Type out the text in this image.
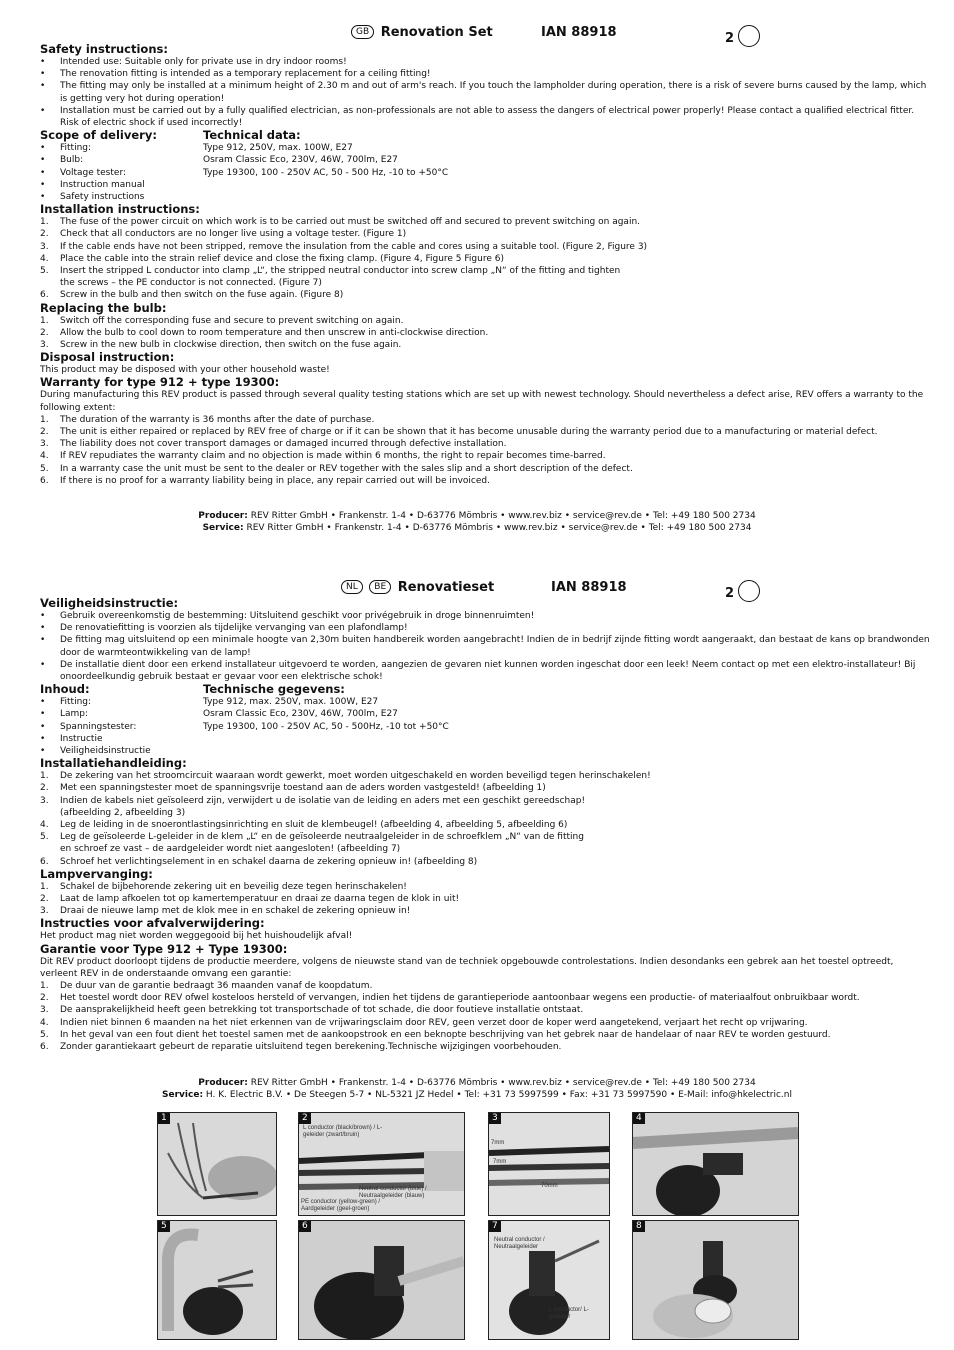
GB Renovation Set	IAN 88918	2
Safety instructions:
• Intended use: Suitable only for private use in dry indoor rooms!
• The renovation fitting is intended as a temporary replacement for a ceiling fitting!
• The fitting may only be installed at a minimum height of 2.30 m and out of arm's reach. If you touch the lampholder during operation, there is a risk of severe burns caused by the lamp, which is getting very hot during operation!
• Installation must be carried out by a fully qualified electrician, as non-professionals are not able to assess the dangers of electrical power properly! Please contact a qualified electrical fitter. Risk of electric shock if used incorrectly!
Scope of delivery:	Technical data:
• Fitting:	Type 912, 250V, max. 100W, E27
• Bulb:	Osram Classic Eco, 230V, 46W, 700lm, E27
• Voltage tester:	Type 19300, 100 - 250V AC, 50 - 500 Hz, -10 to +50°C
• Instruction manual
• Safety instructions
Installation instructions:
1. The fuse of the power circuit on which work is to be carried out must be switched off and secured to prevent switching on again.
2. Check that all conductors are no longer live using a voltage tester. (Figure 1)
3. If the cable ends have not been stripped, remove the insulation from the cable and cores using a suitable tool. (Figure 2, Figure 3)
4. Place the cable into the strain relief device and close the fixing clamp. (Figure 4, Figure 5 Figure 6)
5. Insert the stripped L conductor into clamp „L“, the stripped neutral conductor into screw clamp „N“ of the fitting and tighten the screws – the PE conductor is not connected. (Figure 7)
6. Screw in the bulb and then switch on the fuse again. (Figure 8)
Replacing the bulb:
1. Switch off the corresponding fuse and secure to prevent switching on again.
2. Allow the bulb to cool down to room temperature and then unscrew in anti-clockwise direction.
3. Screw in the new bulb in clockwise direction, then switch on the fuse again.
Disposal instruction:
This product may be disposed with your other household waste!
Warranty for type 912 + type 19300:
During manufacturing this REV product is passed through several quality testing stations which are set up with newest technology. Should nevertheless a defect arise, REV offers a warranty to the following extent:
1. The duration of the warranty is 36 months after the date of purchase.
2. The unit is either repaired or replaced by REV free of charge or if it can be shown that it has become unusable during the warranty period due to a manufacturing or material defect.
3. The liability does not cover transport damages or damaged incurred through defective installation.
4. If REV repudiates the warranty claim and no objection is made within 6 months, the right to repair becomes time-barred.
5. In a warranty case the unit must be sent to the dealer or REV together with the sales slip and a short description of the defect.
6. If there is no proof for a warranty liability being in place, any repair carried out will be invoiced.
Producer: REV Ritter GmbH • Frankenstr. 1-4 • D-63776 Mömbris • www.rev.biz • service@rev.de • Tel: +49 180 500 2734
Service: REV Ritter GmbH • Frankenstr. 1-4 • D-63776 Mömbris • www.rev.biz • service@rev.de • Tel: +49 180 500 2734
NL BE Renovatieset	IAN 88918	2
Veiligheidsinstructie:
• Gebruik overeenkomstig de bestemming: Uitsluitend geschikt voor privégebruik in droge binnenruimten!
• De renovatiefitting is voorzien als tijdelijke vervanging van een plafondlamp!
• De fitting mag uitsluitend op een minimale hoogte van 2,30m buiten handbereik worden aangebracht! Indien de in bedrijf zijnde fitting wordt aangeraakt, dan bestaat de kans op brandwonden door de warmteontwikkeling van de lamp!
• De installatie dient door een erkend installateur uitgevoerd te worden, aangezien de gevaren niet kunnen worden ingeschat door een leek! Neem contact op met een elektro-installateur! Bij onoordeelkundig gebruik bestaat er gevaar voor een elektrische schok!
Inhoud:	Technische gegevens:
• Fitting:	Type 912, max. 250V, max. 100W, E27
• Lamp:	Osram Classic Eco, 230V, 46W, 700lm, E27
• Spanningstester:	Type 19300, 100 - 250V AC, 50 - 500Hz, -10 tot +50°C
• Instructie
• Veiligheidsinstructie
Installatiehandleiding:
1. De zekering van het stroomcircuit waaraan wordt gewerkt, moet worden uitgeschakeld en worden beveiligd tegen herinschakelen!
2. Met een spanningstester moet de spanningsvrije toestand aan de aders worden vastgesteld! (afbeelding 1)
3. Indien de kabels niet geïsoleerd zijn, verwijdert u de isolatie van de leiding en aders met een geschikt gereedschap! (afbeelding 2, afbeelding 3)
4. Leg de leiding in de snoerontlastingsinrichting en sluit de klembeugel! (afbeelding 4, afbeelding 5, afbeelding 6)
5. Leg de geïsoleerde L-geleider in de klem „L“ en de geïsoleerde neutraalgeleider in de schroefklem „N“ van de fitting en schroef ze vast – de aardgeleider wordt niet aangesloten! (afbeelding 7)
6. Schroef het verlichtingselement in en schakel daarna de zekering opnieuw in! (afbeelding 8)
Lampvervanging:
1. Schakel de bijbehorende zekering uit en beveilig deze tegen herinschakelen!
2. Laat de lamp afkoelen tot op kamertemperatuur en draai ze daarna tegen de klok in uit!
3. Draai de nieuwe lamp met de klok mee in en schakel de zekering opnieuw in!
Instructies voor afvalverwijdering:
Het product mag niet worden weggegooid bij het huishoudelijk afval!
Garantie voor Type 912 + Type 19300:
Dit REV product doorloopt tijdens de productie meerdere, volgens de nieuwste stand van de techniek opgebouwde controlestations. Indien desondanks een gebrek aan het toestel optreedt, verleent REV in de onderstaande omvang een garantie:
1. De duur van de garantie bedraagt 36 maanden vanaf de koopdatum.
2. Het toestel wordt door REV ofwel kosteloos hersteld of vervangen, indien het tijdens de garantieperiode aantoonbaar wegens een productie- of materiaalfout onbruikbaar wordt.
3. De aansprakelijkheid heeft geen betrekking tot transportschade of tot schade, die door foutieve installatie ontstaat.
4. Indien niet binnen 6 maanden na het niet erkennen van de vrijwaringsclaim door REV, geen verzet door de koper werd aangetekend, verjaart het recht op vrijwaring.
5. In het geval van een fout dient het toestel samen met de aankoopstrook en een beknopte beschrijving van het gebrek naar de handelaar of naar REV te worden gestuurd.
6. Zonder garantiekaart gebeurt de reparatie uitsluitend tegen berekening.Technische wijzigingen voorbehouden.
Producer: REV Ritter GmbH • Frankenstr. 1-4 • D-63776 Mömbris • www.rev.biz • service@rev.de • Tel: +49 180 500 2734
Service: H. K. Electric B.V. • De Steegen 5-7 • NL-5321 JZ Hedel • Tel: +31 73 5997599 • Fax: +31 73 5997590 • E-Mail: info@hkelectric.nl
1	2
L conductor (black/brown) / L-geleider (zwart/bruin)
Neutral conductor (blue) / Neutraalgeleider (blauw)
PE conductor (yellow-green) / Aardgeleider (geel-groen)
3
7mm
7mm
70mm
4
5	6	7
Neutral conductor / Neutraalgeleider
L conductor/ L-geleider
8
